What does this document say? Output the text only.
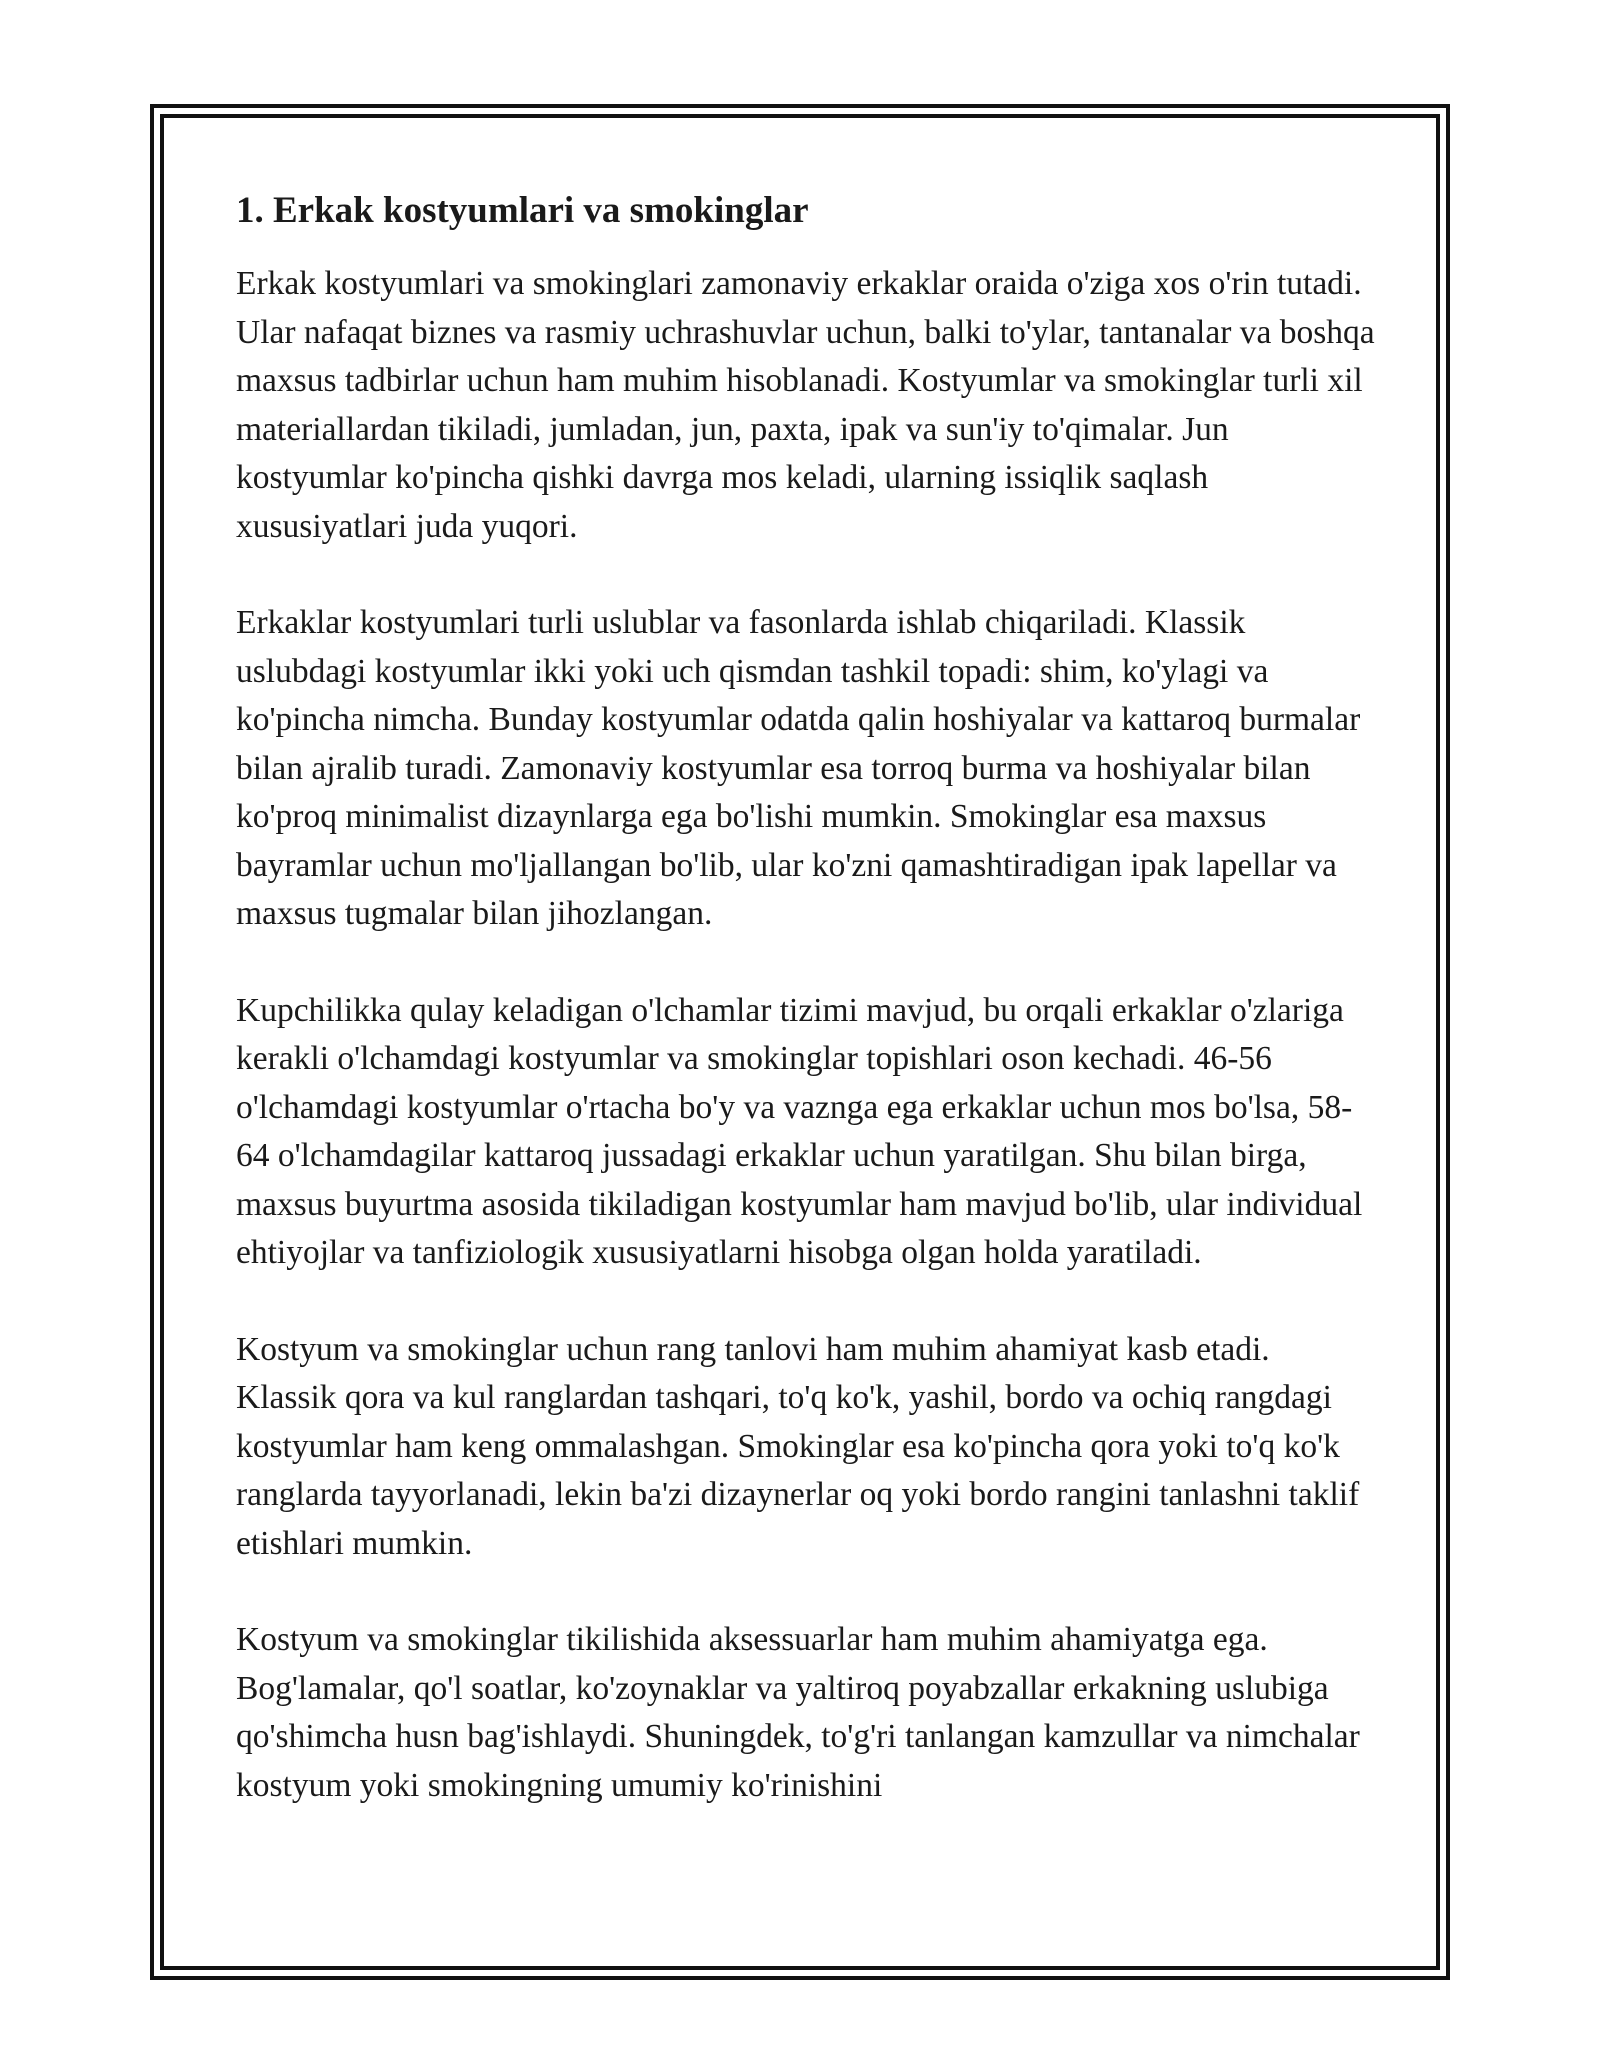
1. Erkak kostyumlari va smokinglar

Erkak kostyumlari va smokinglari zamonaviy erkaklar oraida o'ziga xos o'rin tutadi. Ular nafaqat biznes va rasmiy uchrashuvlar uchun, balki to'ylar, tantanalar va boshqa maxsus tadbirlar uchun ham muhim hisoblanadi. Kostyumlar va smokinglar turli xil materiallardan tikiladi, jumladan, jun, paxta, ipak va sun'iy to'qimalar. Jun kostyumlar ko'pincha qishki davrga mos keladi, ularning issiqlik saqlash xususiyatlari juda yuqori.

Erkaklar kostyumlari turli uslublar va fasonlarda ishlab chiqariladi. Klassik uslubdagi kostyumlar ikki yoki uch qismdan tashkil topadi: shim, ko'ylagi va ko'pincha nimcha. Bunday kostyumlar odatda qalin hoshiyalar va kattaroq burmalar bilan ajralib turadi. Zamonaviy kostyumlar esa torroq burma va hoshiyalar bilan ko'proq minimalist dizaynlarga ega bo'lishi mumkin. Smokinglar esa maxsus bayramlar uchun mo'ljallangan bo'lib, ular ko'zni qamashtiradigan ipak lapellar va maxsus tugmalar bilan jihozlangan.

Kupchilikka qulay keladigan o'lchamlar tizimi mavjud, bu orqali erkaklar o'zlariga kerakli o'lchamdagi kostyumlar va smokinglar topishlari oson kechadi. 46-56 o'lchamdagi kostyumlar o'rtacha bo'y va vaznga ega erkaklar uchun mos bo'lsa, 58-64 o'lchamdagilar kattaroq jussadagi erkaklar uchun yaratilgan. Shu bilan birga, maxsus buyurtma asosida tikiladigan kostyumlar ham mavjud bo'lib, ular individual ehtiyojlar va tanfiziologik xususiyatlarni hisobga olgan holda yaratiladi.

Kostyum va smokinglar uchun rang tanlovi ham muhim ahamiyat kasb etadi. Klassik qora va kul ranglardan tashqari, to'q ko'k, yashil, bordo va ochiq rangdagi kostyumlar ham keng ommalashgan. Smokinglar esa ko'pincha qora yoki to'q ko'k ranglarda tayyorlanadi, lekin ba'zi dizaynerlar oq yoki bordo rangini tanlashni taklif etishlari mumkin.

Kostyum va smokinglar tikilishida aksessuarlar ham muhim ahamiyatga ega. Bog'lamalar, qo'l soatlar, ko'zoynaklar va yaltiroq poyabzallar erkakning uslubiga qo'shimcha husn bag'ishlaydi. Shuningdek, to'g'ri tanlangan kamzullar va nimchalar kostyum yoki smokingning umumiy ko'rinishini
